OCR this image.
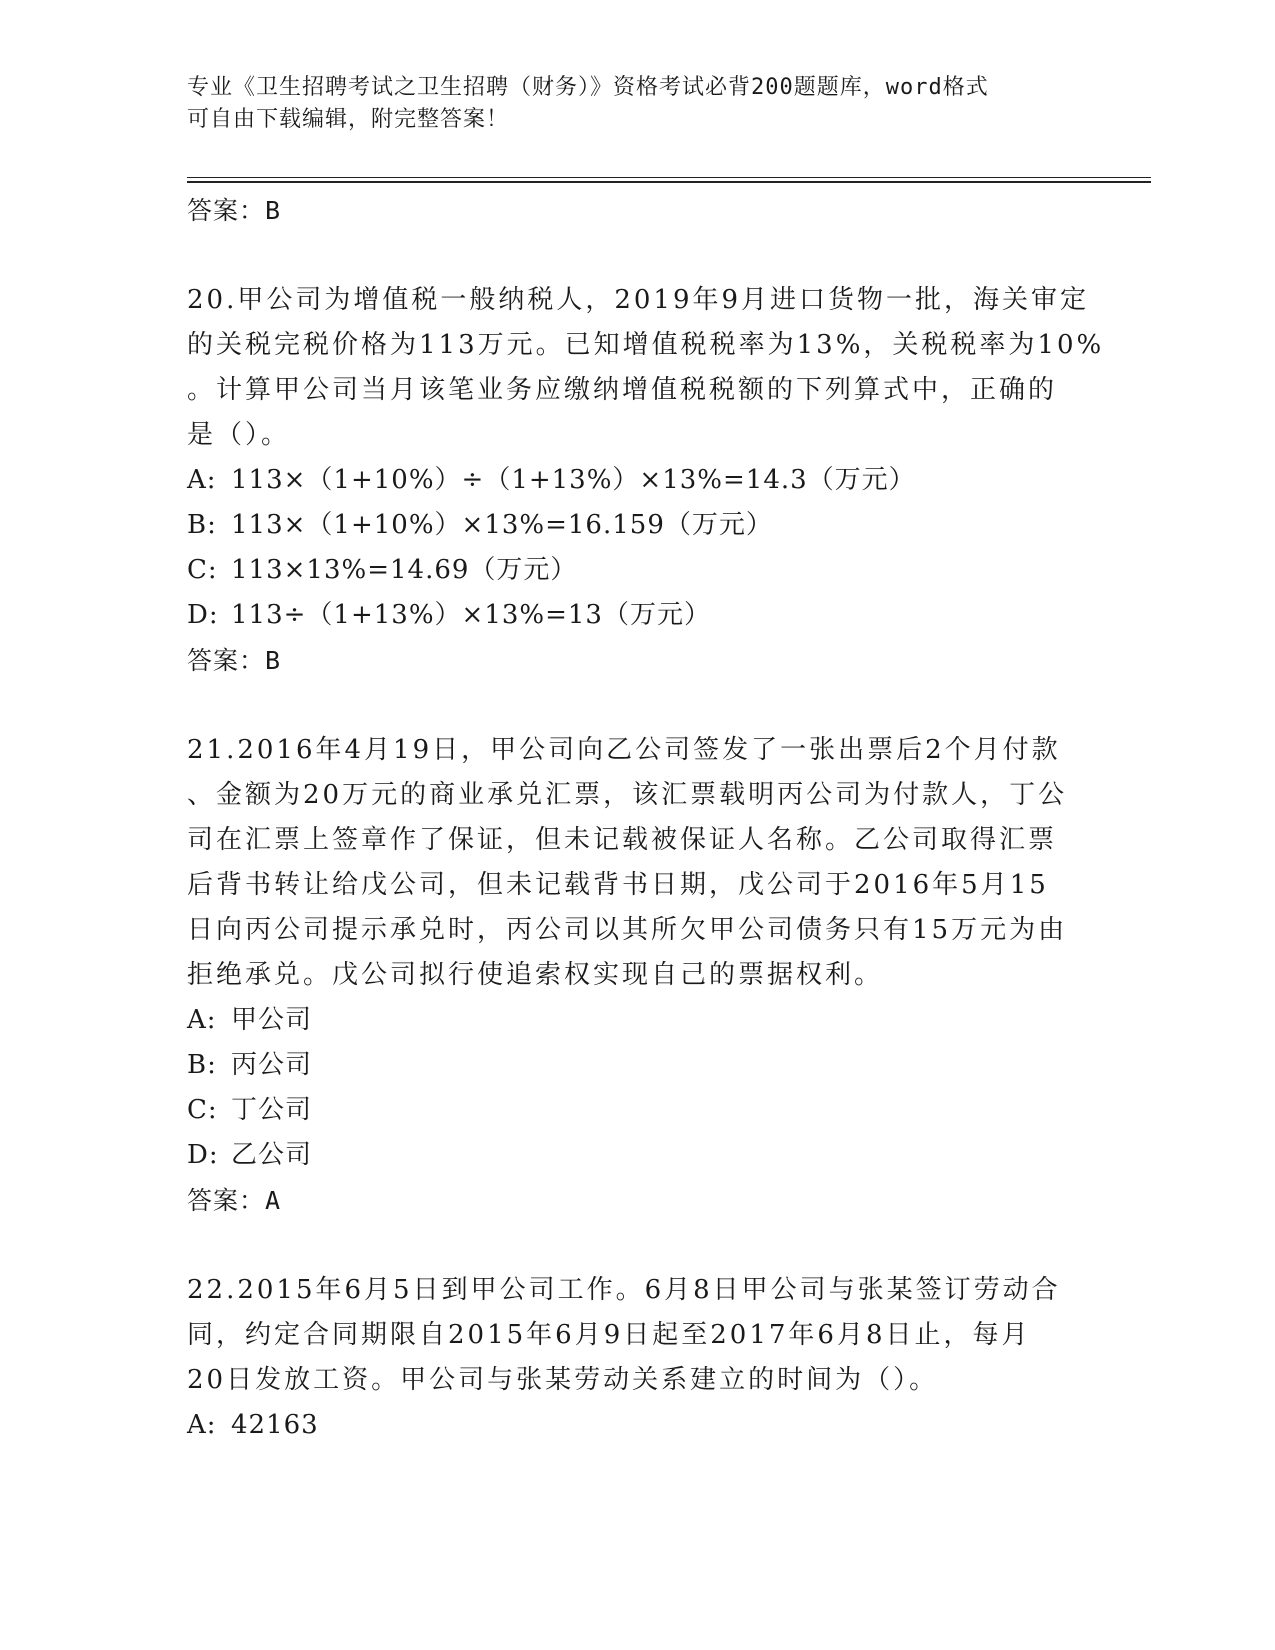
专业《卫生招聘考试之卫生招聘（财务）》资格考试必背200题题库，word格式
可自由下载编辑，附完整答案！
答案：B
20.甲公司为增值税一般纳税人，2019年9月进口货物一批，海关审定
的关税完税价格为113万元。已知增值税税率为13%，关税税率为10%
。计算甲公司当月该笔业务应缴纳增值税税额的下列算式中，正确的
是（）。
A: 113×（1+10%）÷（1+13%）×13%=14.3（万元）
B: 113×（1+10%）×13%=16.159（万元）
C: 113×13%=14.69（万元）
D: 113÷（1+13%）×13%=13（万元）
答案：B
21.2016年4月19日，甲公司向乙公司签发了一张出票后2个月付款
、金额为20万元的商业承兑汇票，该汇票载明丙公司为付款人，丁公
司在汇票上签章作了保证，但未记载被保证人名称。乙公司取得汇票
后背书转让给戊公司，但未记载背书日期，戊公司于2016年5月15
日向丙公司提示承兑时，丙公司以其所欠甲公司债务只有15万元为由
拒绝承兑。戊公司拟行使追索权实现自己的票据权利。
A: 甲公司
B: 丙公司
C: 丁公司
D: 乙公司
答案：A
22.2015年6月5日到甲公司工作。6月8日甲公司与张某签订劳动合
同，约定合同期限自2015年6月9日起至2017年6月8日止，每月
20日发放工资。甲公司与张某劳动关系建立的时间为（）。
A: 42163
